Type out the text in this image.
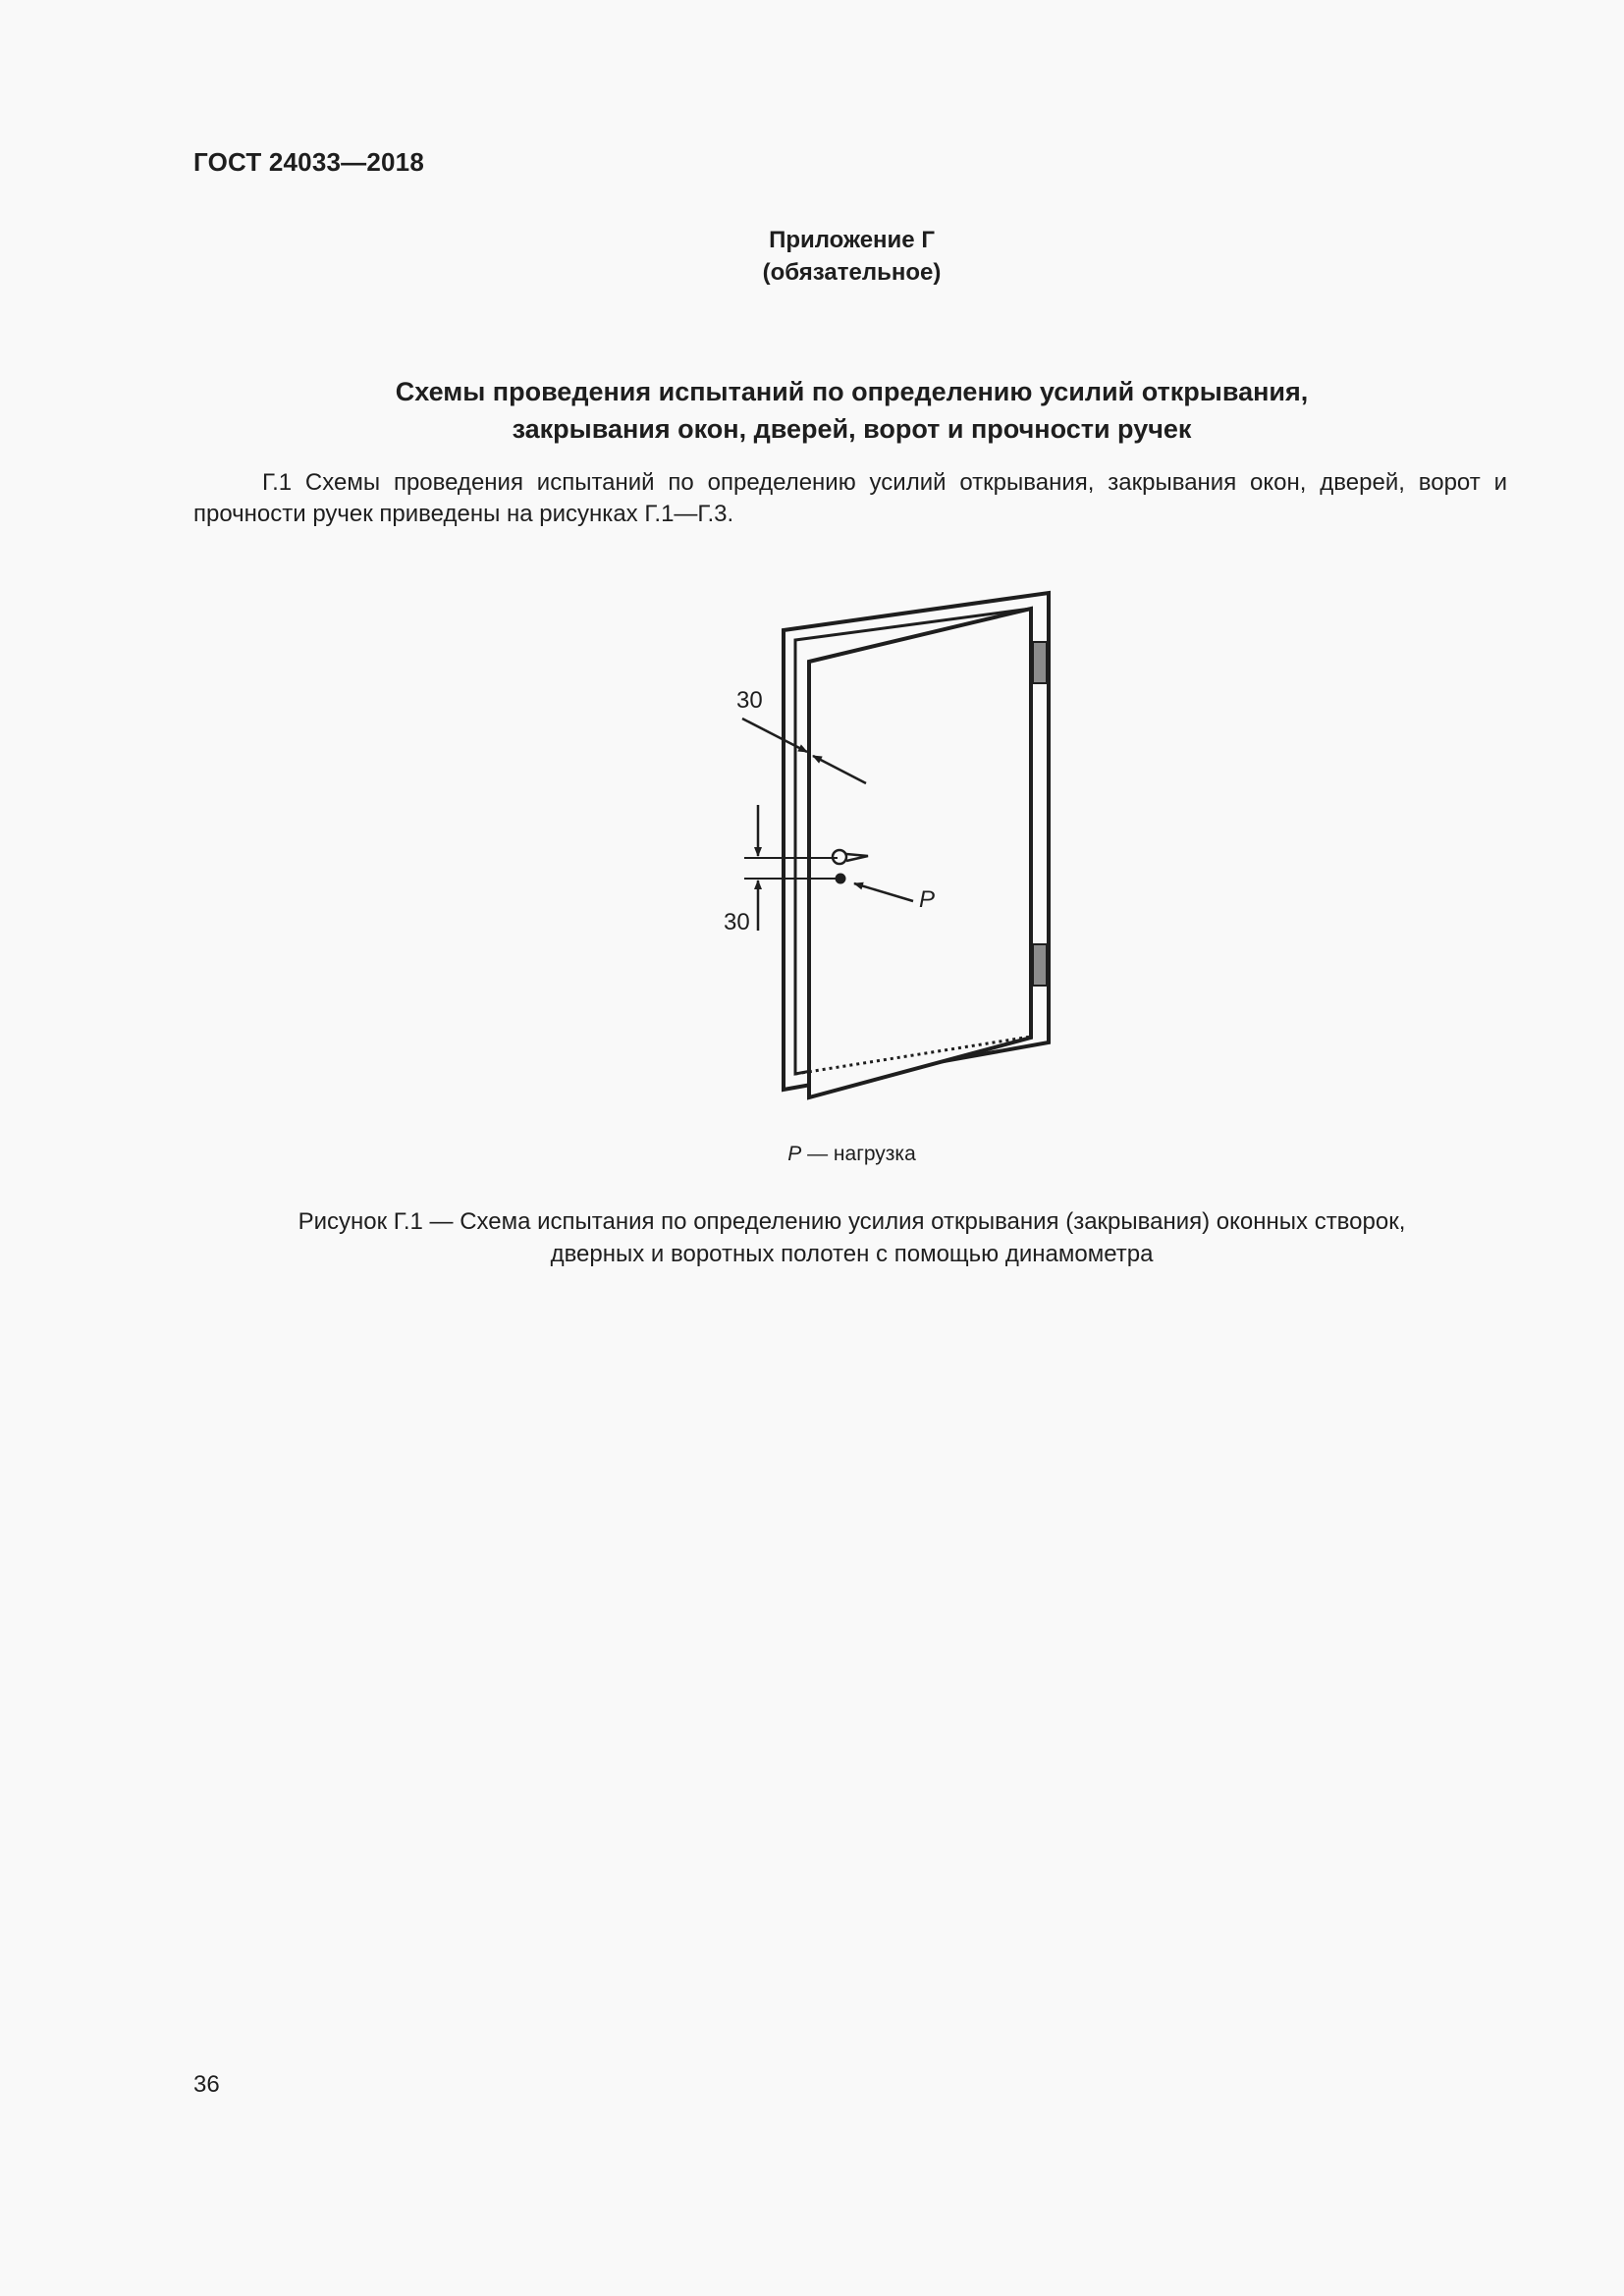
ГОСТ 24033—2018
Приложение Г
(обязательное)
Схемы проведения испытаний по определению усилий открывания,
закрывания окон, дверей, ворот и прочности ручек
Г.1 Схемы проведения испытаний по определению усилий открывания, закрывания окон, дверей, ворот и
прочности ручек приведены на рисунках Г.1—Г.3.
30
P
30
P — нагрузка
Рисунок Г.1 — Схема испытания по определению усилия открывания (закрывания) оконных створок,
дверных и воротных полотен с помощью динамометра
36
